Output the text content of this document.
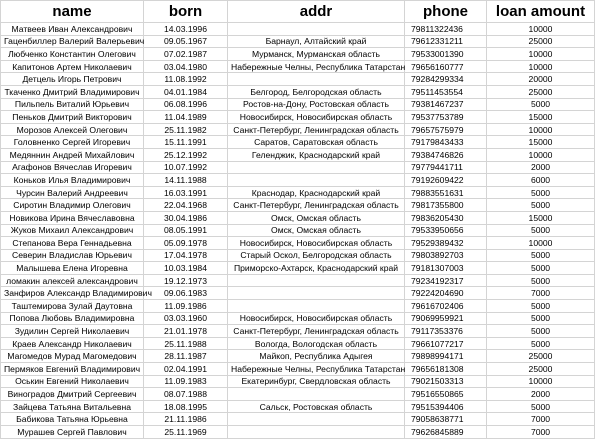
name	born	addr	phone	loan amount
Матвеев Иван Александрович	14.03.1996		79811322436	10000
Гаценбиллер Валерий Валерьевич	09.05.1967	Барнаул, Алтайский край	79612331211	25000
Любченко Константин Олегович	07.02.1987	Мурманск, Мурманская область	79533001390	10000
Капитонов Артем Николаевич	03.04.1980	Набережные Челны, Республика Татарстан	79656160777	10000
Детцель Игорь Петрович	11.08.1992		79284299334	20000
Ткаченко Дмитрий Владимирович	04.01.1984	Белгород, Белгородская область	79511453554	25000
Пильпель Виталий Юрьевич	06.08.1996	Ростов-на-Дону, Ростовская область	79381467237	5000
Пеньков Дмитрий Викторович	11.04.1989	Новосибирск, Новосибирская область	79537753789	15000
Морозов Алексей Олегович	25.11.1982	Санкт-Петербург, Ленинградская область	79657575979	10000
Головненко Сергей Игоревич	15.11.1991	Саратов, Саратовская область	79179843433	15000
Медяннин Андрей Михайлович	25.12.1992	Геленджик, Краснодарский край	79384746826	10000
Агафонов Вячеслав Игоревич	10.07.1992		79779441711	2000
Коньков Илья Владимирович	14.11.1988		79192609422	6000
Чурсин Валерий Андреевич	16.03.1991	Краснодар, Краснодарский край	79883551631	5000
Сиротин Владимир Олегович	22.04.1968	Санкт-Петербург, Ленинградская область	79817355800	5000
Новикова Ирина Вячеславовна	30.04.1986	Омск, Омская область	79836205430	15000
Жуков Михаил Александрович	08.05.1991	Омск, Омская область	79533950656	5000
Степанова Вера Геннадьевна	05.09.1978	Новосибирск, Новосибирская область	79529389432	10000
Северин Владислав Юрьевич	17.04.1978	Старый Оскол, Белгородская область	79803892703	5000
Малышева Елена Игоревна	10.03.1984	Приморско-Ахтарск, Краснодарский край	79181307003	5000
ломакин алексей александрович	19.12.1973		79234192317	5000
Занфиров Александр Владимирович	09.06.1983		79224204690	7000
Таштемирова Зулай Даутовна	11.09.1986		79616702406	5000
Попова Любовь Владимировна	03.03.1960	Новосибирск, Новосибирская область	79069959921	5000
Зудилин Сергей Николаевич	21.01.1978	Санкт-Петербург, Ленинградская область	79117353376	5000
Краев Александр Николаевич	25.11.1988	Вологда, Вологодская область	79661077217	5000
Магомедов Мурад Магомедович	28.11.1987	Майкоп, Республика Адыгея	79898994171	25000
Пермяков Евгений Владимирович	02.04.1991	Набережные Челны, Республика Татарстан	79656181308	25000
Оськин Евгений Николаевич	11.09.1983	Екатеринбург, Свердловская область	79021503313	10000
Виноградов Дмитрий Сергеевич	08.07.1988		79516550865	2000
Зайцева Татьяна Витальевна	18.08.1995	Сальск, Ростовская область	79515394406	5000
Бабикова Татьяна Юрьевна	21.11.1986		79058638771	7000
Мурашев Сергей Павлович	25.11.1969		79626845889	7000
